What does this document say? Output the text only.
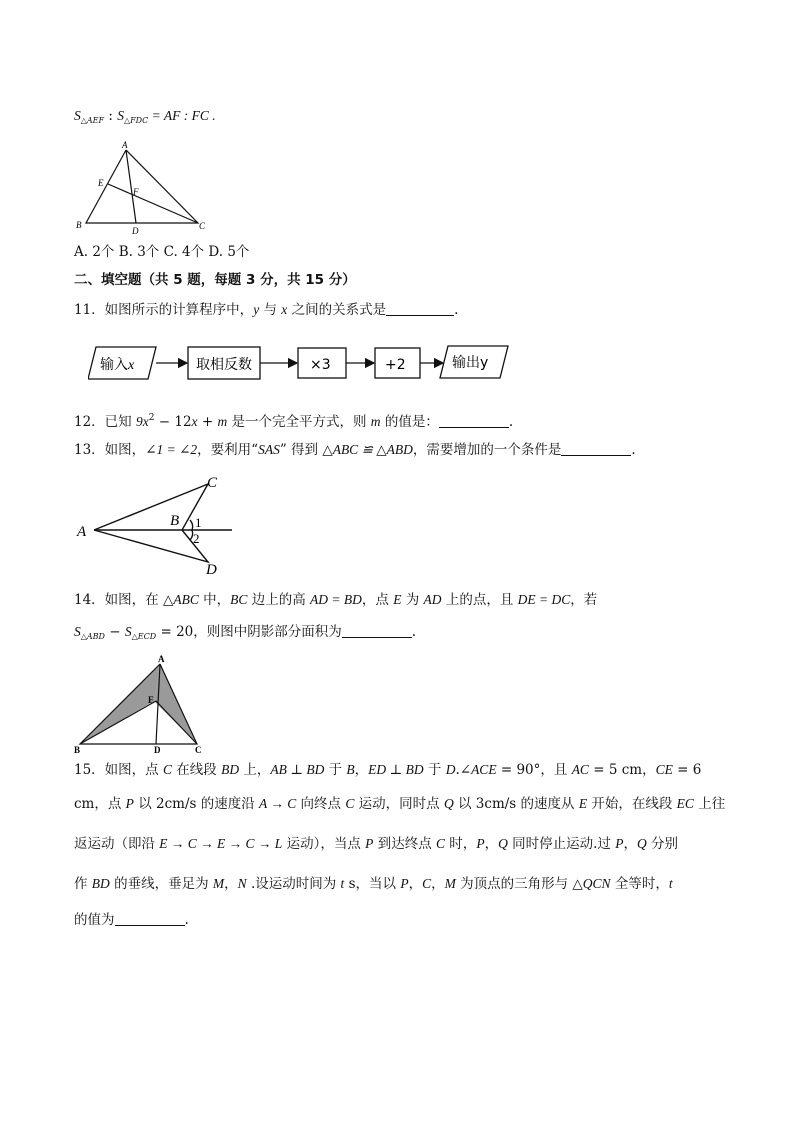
$S_{\triangle AEF}$ : $S_{\triangle FDC}$ = AF : FC .
A
B	C
D
E
F
A. 2个 B. 3个 C. 4个 D. 5个
二、填空题（共 5 题，每题 3 分，共 15 分）
11．如图所示的计算程序中，y 与 x 之间的关系式是	.
输入x	取相反数	×3	+2	输出y
12．已知 $9x^2 - 12x + m$ 是一个完全平方式，则 m 的值是：	.
13．如图，∠1 = ∠2，要利用“SAS” 得到 △ABC ≌ △ABD，需要增加的一个条件是	.
A
B
C
D
1
2
14．如图，在 △ABC 中，BC 边上的高 AD = BD，点 E 为 AD 上的点，且 DE = DC，若
$S_{\triangle ABD} - S_{\triangle ECD} = 20$，则图中阴影部分面积为	.
A
B	C
D
E
15．如图，点 C 在线段 BD 上，AB ⊥ BD 于 B，ED ⊥ BD 于 D.∠ACE = 90°，且 AC = 5 cm，CE = 6
cm，点 P 以 2cm/s 的速度沿 A → C 向终点 C 运动，同时点 Q 以 3cm/s 的速度从 E 开始，在线段 EC 上往
返运动（即沿 E → C → E → C → L 运动），当点 P 到达终点 C 时，P，Q 同时停止运动.过 P，Q 分别
作 BD 的垂线，垂足为 M，N .设运动时间为 t s，当以 P，C，M 为顶点的三角形与 △QCN 全等时，t
的值为	.
